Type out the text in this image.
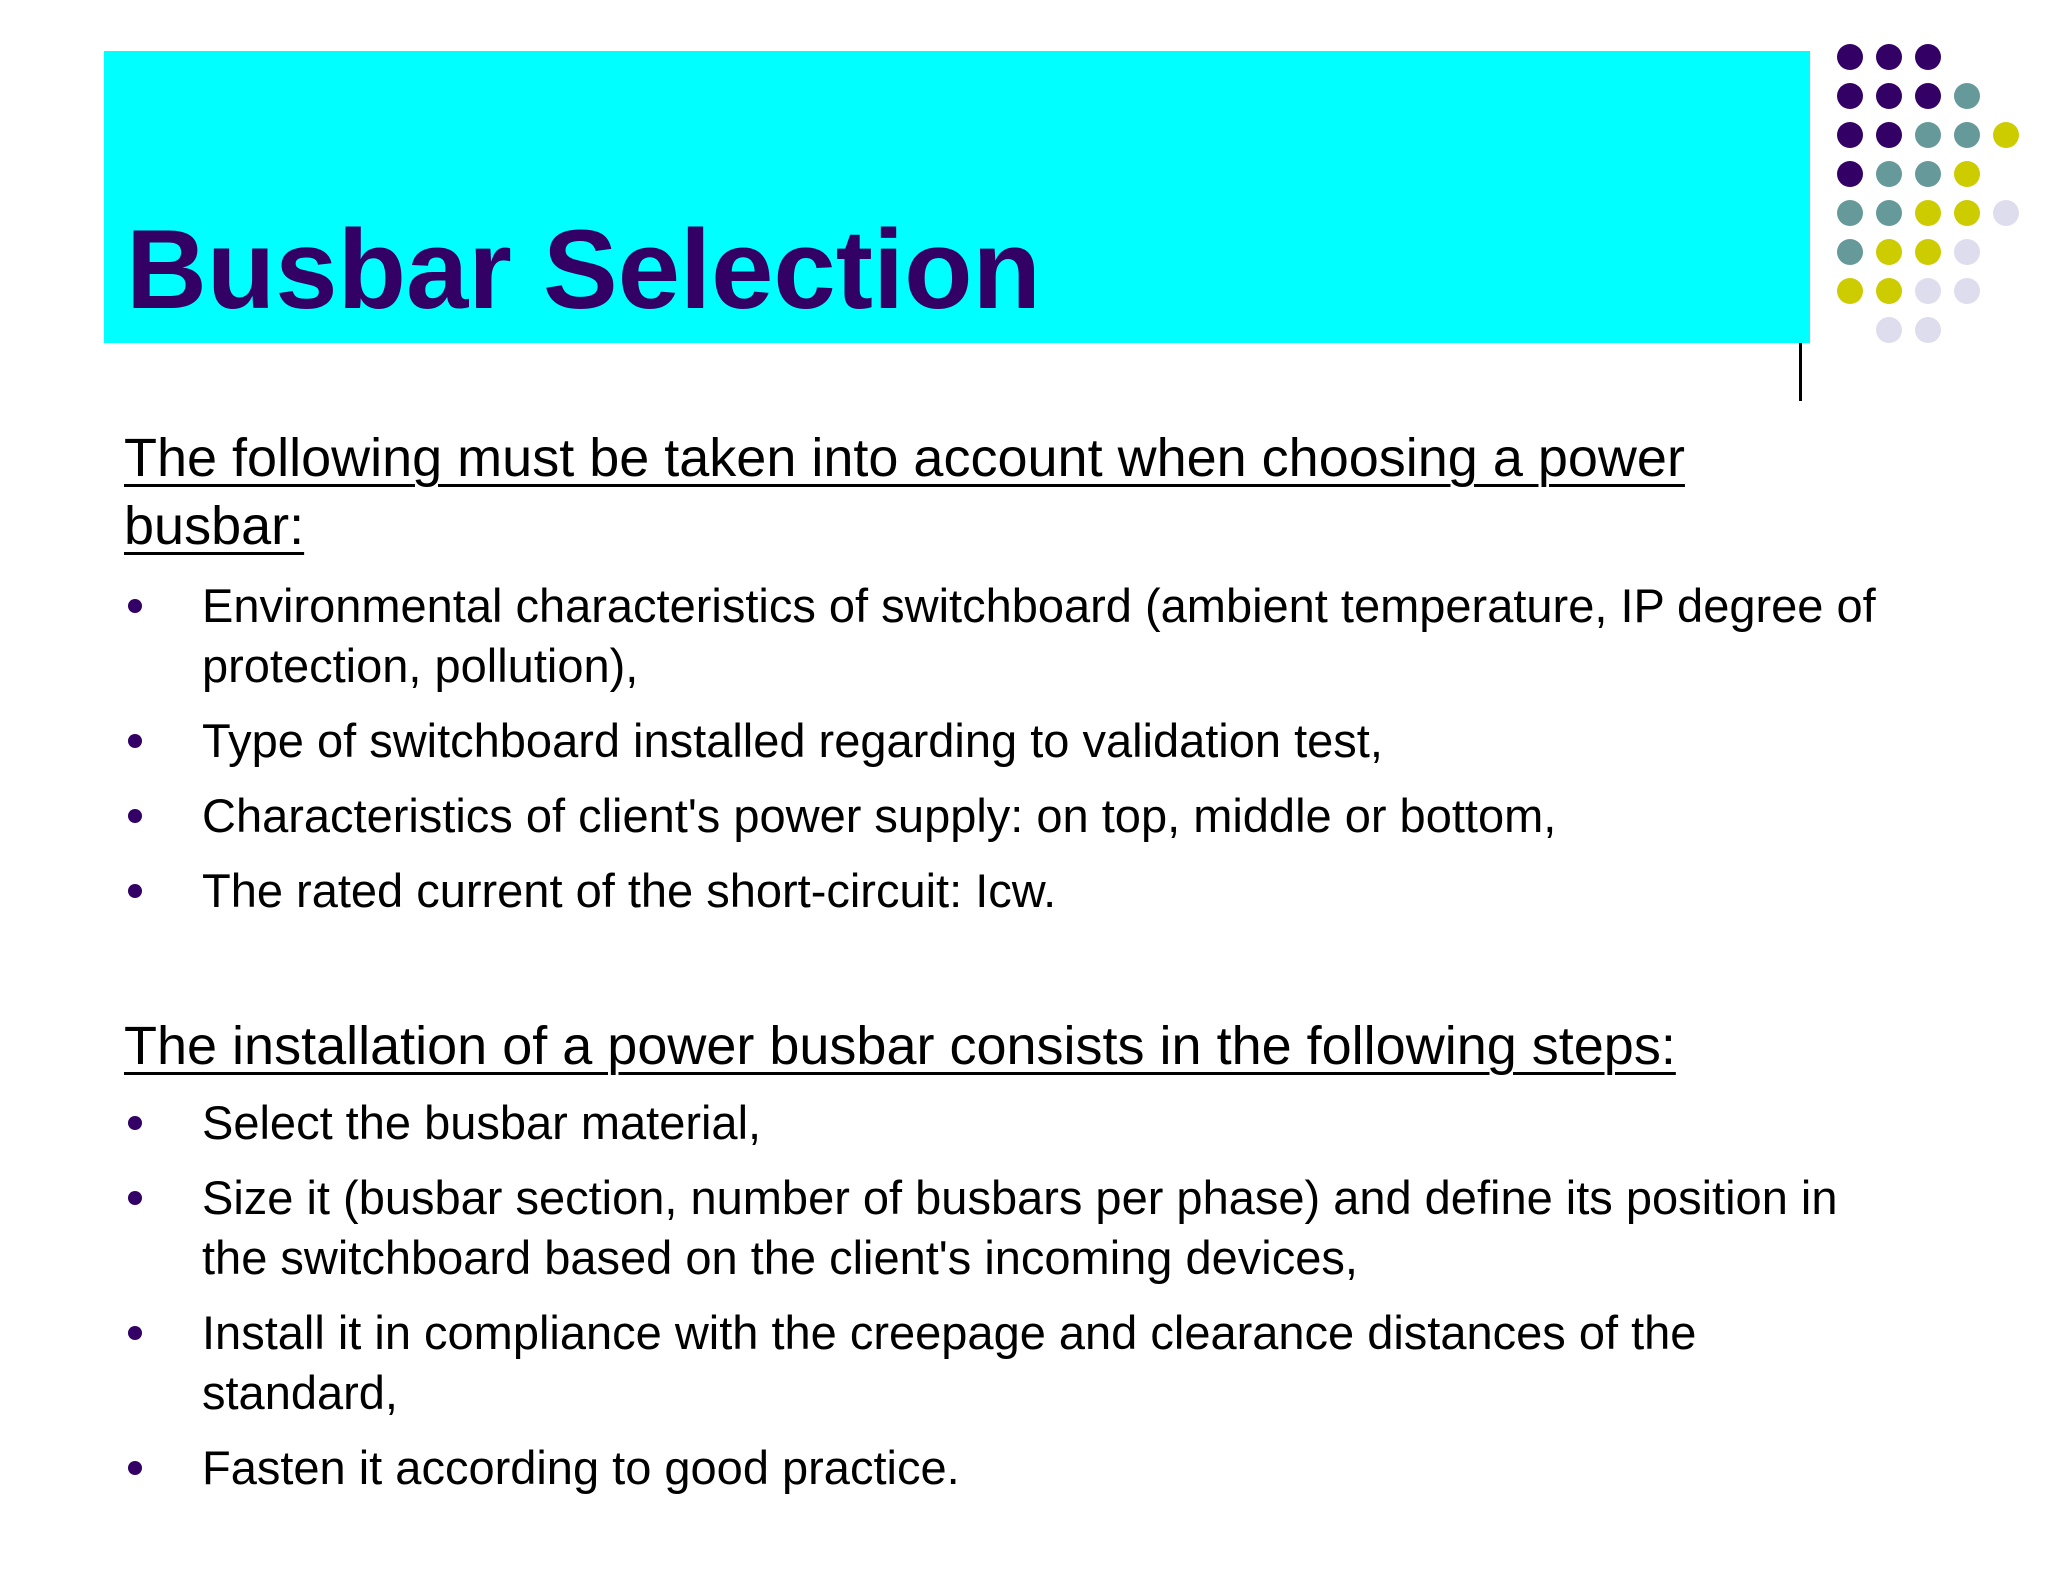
Busbar Selection

The following must be taken into account when choosing a power busbar:

Environmental characteristics of switchboard (ambient temperature, IP degree of protection, pollution),
Type of switchboard installed regarding to validation test,
Characteristics of client's power supply: on top, middle or bottom,
The rated current of the short-circuit: Icw.

The installation of a power busbar consists in the following steps:

Select the busbar material,
Size it (busbar section, number of busbars per phase) and define its position in the switchboard based on the client's incoming devices,
Install it in compliance with the creepage and clearance distances of the standard,
Fasten it according to good practice.
